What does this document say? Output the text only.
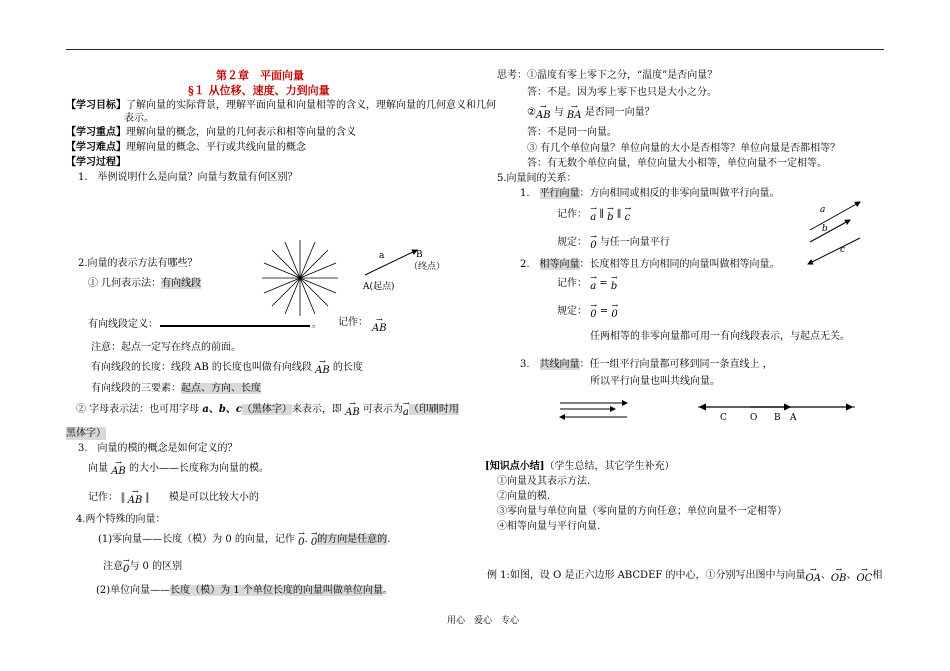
第２章　平面向量
§１ 从位移、速度、力到向量
【学习目标】了解向量的实际背景，理解平面向量和向量相等的含义，理解向量的几何意义和几何
表示。
【学习重点】理解向量的概念，向量的几何表示和相等向量的含义
【学习难点】理解向量的概念、平行或共线向量的概念
【学习过程】
1.　举例说明什么是向量？向量与数量有何区别？
2.向量的表示方法有哪些？
a	B
（终点）
A(起点)
① 几何表示法：有向线段
有向线段定义：	。 记作：
→ AB
注意：起点一定写在终点的前面。
有向线段的长度：线段 AB 的长度也叫做有向线段 → AB 的长度
有向线段的三要素：起点、方向、长度
② 字母表示法：也可用字母 a、b、c（黑体字）来表示，即 → AB 可表示为→ a（印刷时用
黑体字）
3.　向量的模的概念是如何定义的？
向量 → AB 的大小——长度称为向量的模。
记作： | → AB |　　 模是可以比较大小的
4.两个特殊的向量：
(1)零向量——长度（模）为 0 的向量，记作 → 0. → 0的方向是任意的.
注意→ 0与 0 的区别
(2)单位向量——长度（模）为 1 个单位长度的向量叫做单位向量。
思考：①温度有零上零下之分，“温度”是否向量？
答：不是。因为零上零下也只是大小之分。
②→ AB 与 → BA 是否同一向量？
答：不是同一向量。
③ 有几个单位向量？单位向量的大小是否相等？单位向量是否都相等？
答：有无数个单位向量，单位向量大小相等，单位向量不一定相等。
5.向量间的关系：
1.　 平行向量：方向相同或相反的非零向量叫做平行向量。
记作： → a ∥ → b ∥ → c
规定： → 0 与任一向量平行
a
b
c
2.　 相等向量：长度相等且方向相同的向量叫做相等向量。
记作： → a = → b
规定： → 0 = → 0
任两相等的非零向量都可用一有向线段表示，与起点无关。
3.　 共线向量：任一组平行向量都可移到同一条直线上 ，
所以平行向量也叫共线向量。
C	O B A
[知识点小结]（学生总结，其它学生补充）
①向量及其表示方法.
②向量的模.
③零向量与单位向量（零向量的方向任意；单位向量不一定相等）
④相等向量与平行向量.
例 1:如图，设 O 是正六边形 ABCDEF 的中心，①分别写出图中与向量→ OA、→ OB、→ OC相
用心　爱心　专心
